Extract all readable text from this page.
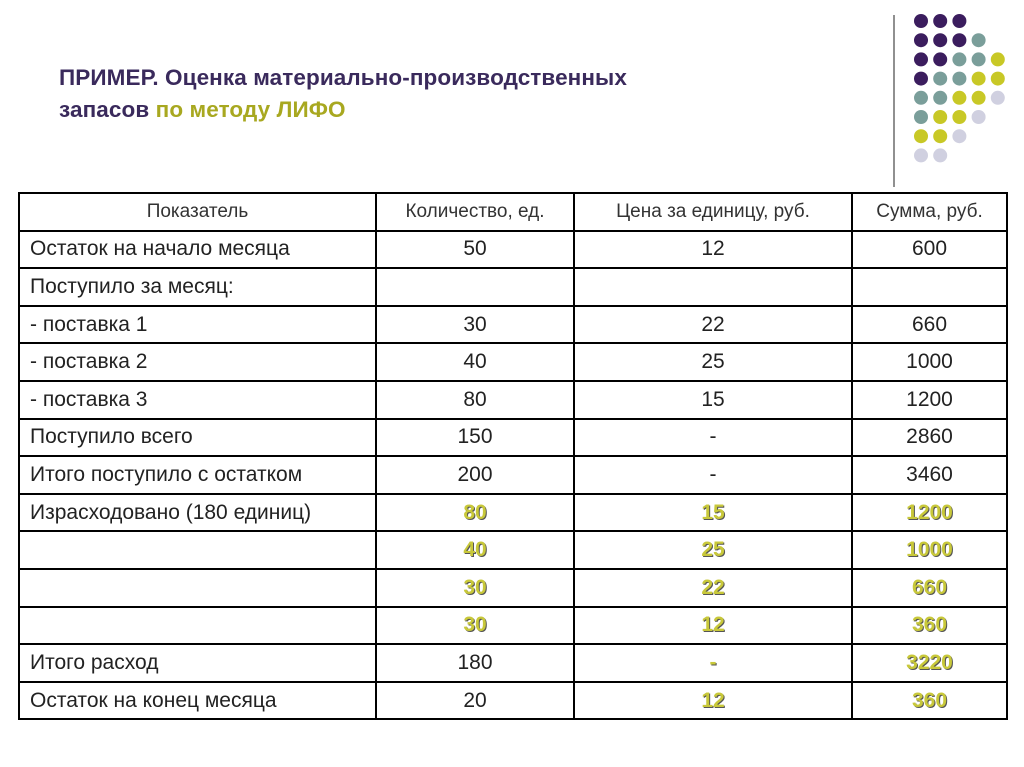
ПРИМЕР. Оценка материально-производственных
запасов по методу ЛИФО
Показатель	Количество, ед.	Цена за единицу, руб.	Сумма, руб.
Остаток на начало месяца	50	12	600
Поступило за месяц:			
- поставка 1	30	22	660
- поставка 2	40	25	1000
- поставка 3	80	15	1200
Поступило всего	150	-	2860
Итого поступило с остатком	200	-	3460
Израсходовано (180 единиц)	80	15	1200
	40	25	1000
	30	22	660
	30	12	360
Итого расход	180	-	3220
Остаток на конец месяца	20	12	360
